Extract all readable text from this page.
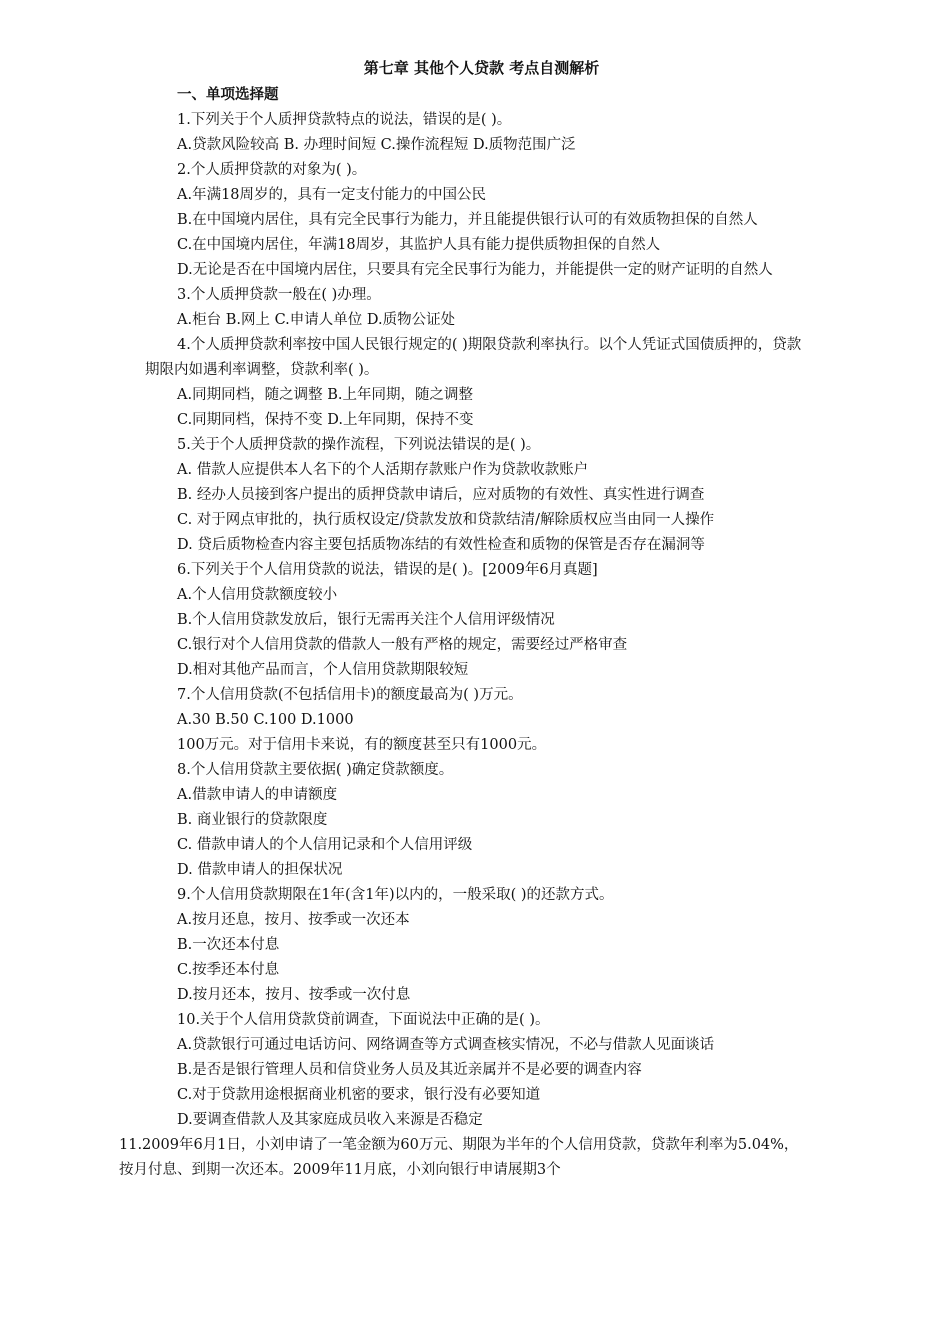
第七章 其他个人贷款 考点自测解析

一、单项选择题

1.下列关于个人质押贷款特点的说法，错误的是( )。

A.贷款风险较高 B. 办理时间短 C.操作流程短 D.质物范围广泛

2.个人质押贷款的对象为( )。

A.年满18周岁的，具有一定支付能力的中国公民

B.在中国境内居住，具有完全民事行为能力，并且能提供银行认可的有效质物担保的自然人

C.在中国境内居住，年满18周岁，其监护人具有能力提供质物担保的自然人

D.无论是否在中国境内居住，只要具有完全民事行为能力，并能提供一定的财产证明的自然人

3.个人质押贷款一般在( )办理。

A.柜台 B.网上 C.申请人单位 D.质物公证处

4.个人质押贷款利率按中国人民银行规定的( )期限贷款利率执行。以个人凭证式国债质押的，贷款期限内如遇利率调整，贷款利率( )。

A.同期同档，随之调整 B.上年同期，随之调整

C.同期同档，保持不变 D.上年同期，保持不变

5.关于个人质押贷款的操作流程，下列说法错误的是( )。

A. 借款人应提供本人名下的个人活期存款账户作为贷款收款账户

B. 经办人员接到客户提出的质押贷款申请后，应对质物的有效性、真实性进行调查

C. 对于网点审批的，执行质权设定/贷款发放和贷款结清/解除质权应当由同一人操作

D. 贷后质物检查内容主要包括质物冻结的有效性检查和质物的保管是否存在漏洞等

6.下列关于个人信用贷款的说法，错误的是( )。[2009年6月真题]

A.个人信用贷款额度较小

B.个人信用贷款发放后，银行无需再关注个人信用评级情况

C.银行对个人信用贷款的借款人一般有严格的规定，需要经过严格审查

D.相对其他产品而言，个人信用贷款期限较短

7.个人信用贷款(不包括信用卡)的额度最高为( )万元。

A.30 B.50 C.100 D.1000

100万元。对于信用卡来说，有的额度甚至只有1000元。

8.个人信用贷款主要依据( )确定贷款额度。

A.借款申请人的申请额度

B. 商业银行的贷款限度

C. 借款申请人的个人信用记录和个人信用评级

D. 借款申请人的担保状况

9.个人信用贷款期限在1年(含1年)以内的，一般采取( )的还款方式。

A.按月还息，按月、按季或一次还本

B.一次还本付息

C.按季还本付息

D.按月还本，按月、按季或一次付息

10.关于个人信用贷款贷前调查，下面说法中正确的是( )。

A.贷款银行可通过电话访问、网络调查等方式调查核实情况，不必与借款人见面谈话

B.是否是银行管理人员和信贷业务人员及其近亲属并不是必要的调查内容

C.对于贷款用途根据商业机密的要求，银行没有必要知道

D.要调查借款人及其家庭成员收入来源是否稳定

11.2009年6月1日，小刘申请了一笔金额为60万元、期限为半年的个人信用贷款，贷款年利率为5.04%，按月付息、到期一次还本。2009年11月底，小刘向银行申请展期3个
